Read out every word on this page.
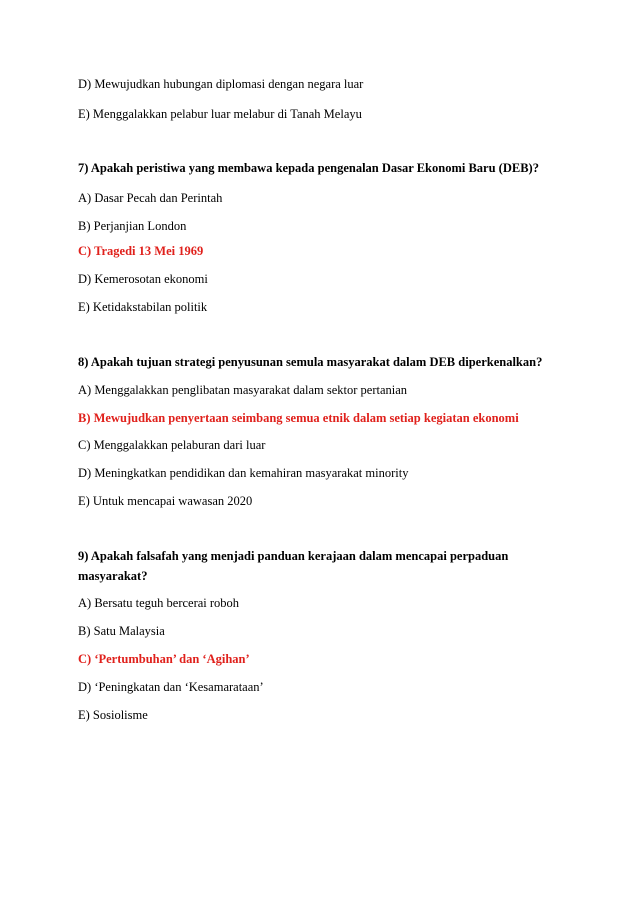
D) Mewujudkan hubungan diplomasi dengan negara luar
E) Menggalakkan pelabur luar melabur di Tanah Melayu
7) Apakah peristiwa yang membawa kepada pengenalan Dasar Ekonomi Baru (DEB)?
A) Dasar Pecah dan Perintah
B) Perjanjian London
C) Tragedi 13 Mei 1969
D) Kemerosotan ekonomi
E) Ketidakstabilan politik
8) Apakah tujuan strategi penyusunan semula masyarakat dalam DEB diperkenalkan?
A) Menggalakkan penglibatan masyarakat dalam sektor pertanian
B) Mewujudkan penyertaan seimbang semua etnik dalam setiap kegiatan ekonomi
C) Menggalakkan pelaburan dari luar
D) Meningkatkan pendidikan dan kemahiran masyarakat minority
E) Untuk mencapai wawasan 2020
9) Apakah falsafah yang menjadi panduan kerajaan dalam mencapai perpaduan masyarakat?
A) Bersatu teguh bercerai roboh
B) Satu Malaysia
C) ‘Pertumbuhan’ dan ‘Agihan’
D) ‘Peningkatan dan ‘Kesamarataan’
E) Sosiolisme
